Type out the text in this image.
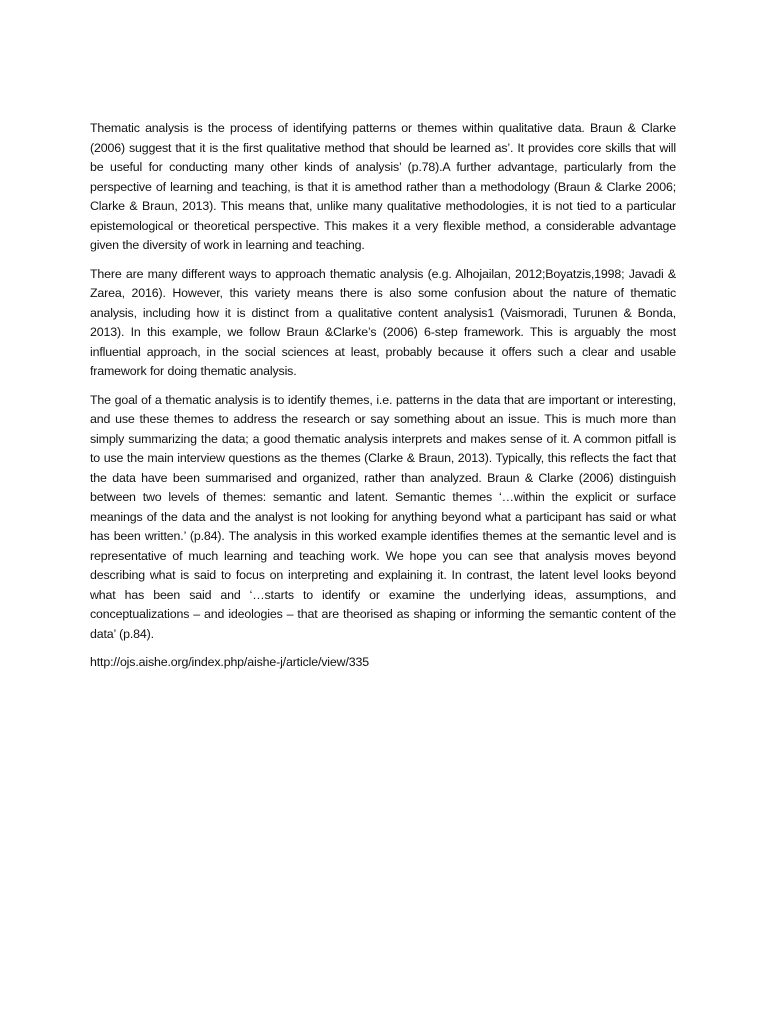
Thematic analysis is the process of identifying patterns or themes within qualitative data. Braun & Clarke (2006) suggest that it is the first qualitative method that should be learned as’. It provides core skills that will be useful for conducting many other kinds of analysis’ (p.78).A further advantage, particularly from the perspective of learning and teaching, is that it is amethod rather than a methodology (Braun & Clarke 2006; Clarke & Braun, 2013). This means that, unlike many qualitative methodologies, it is not tied to a particular epistemological or theoretical perspective. This makes it a very flexible method, a considerable advantage given the diversity of work in learning and teaching.

There are many different ways to approach thematic analysis (e.g. Alhojailan, 2012;Boyatzis,1998; Javadi & Zarea, 2016). However, this variety means there is also some confusion about the nature of thematic analysis, including how it is distinct from a qualitative content analysis1 (Vaismoradi, Turunen & Bonda, 2013). In this example, we follow Braun &Clarke’s (2006) 6-step framework. This is arguably the most influential approach, in the social sciences at least, probably because it offers such a clear and usable framework for doing thematic analysis.

The goal of a thematic analysis is to identify themes, i.e. patterns in the data that are important or interesting, and use these themes to address the research or say something about an issue. This is much more than simply summarizing the data; a good thematic analysis interprets and makes sense of it. A common pitfall is to use the main interview questions as the themes (Clarke & Braun, 2013). Typically, this reflects the fact that the data have been summarised and organized, rather than analyzed. Braun & Clarke (2006) distinguish between two levels of themes: semantic and latent. Semantic themes ‘…within the explicit or surface meanings of the data and the analyst is not looking for anything beyond what a participant has said or what has been written.’ (p.84). The analysis in this worked example identifies themes at the semantic level and is representative of much learning and teaching work. We hope you can see that analysis moves beyond describing what is said to focus on interpreting and explaining it. In contrast, the latent level looks beyond what has been said and ‘…starts to identify or examine the underlying ideas, assumptions, and conceptualizations – and ideologies – that are theorised as shaping or informing the semantic content of the data’ (p.84).

http://ojs.aishe.org/index.php/aishe-j/article/view/335
